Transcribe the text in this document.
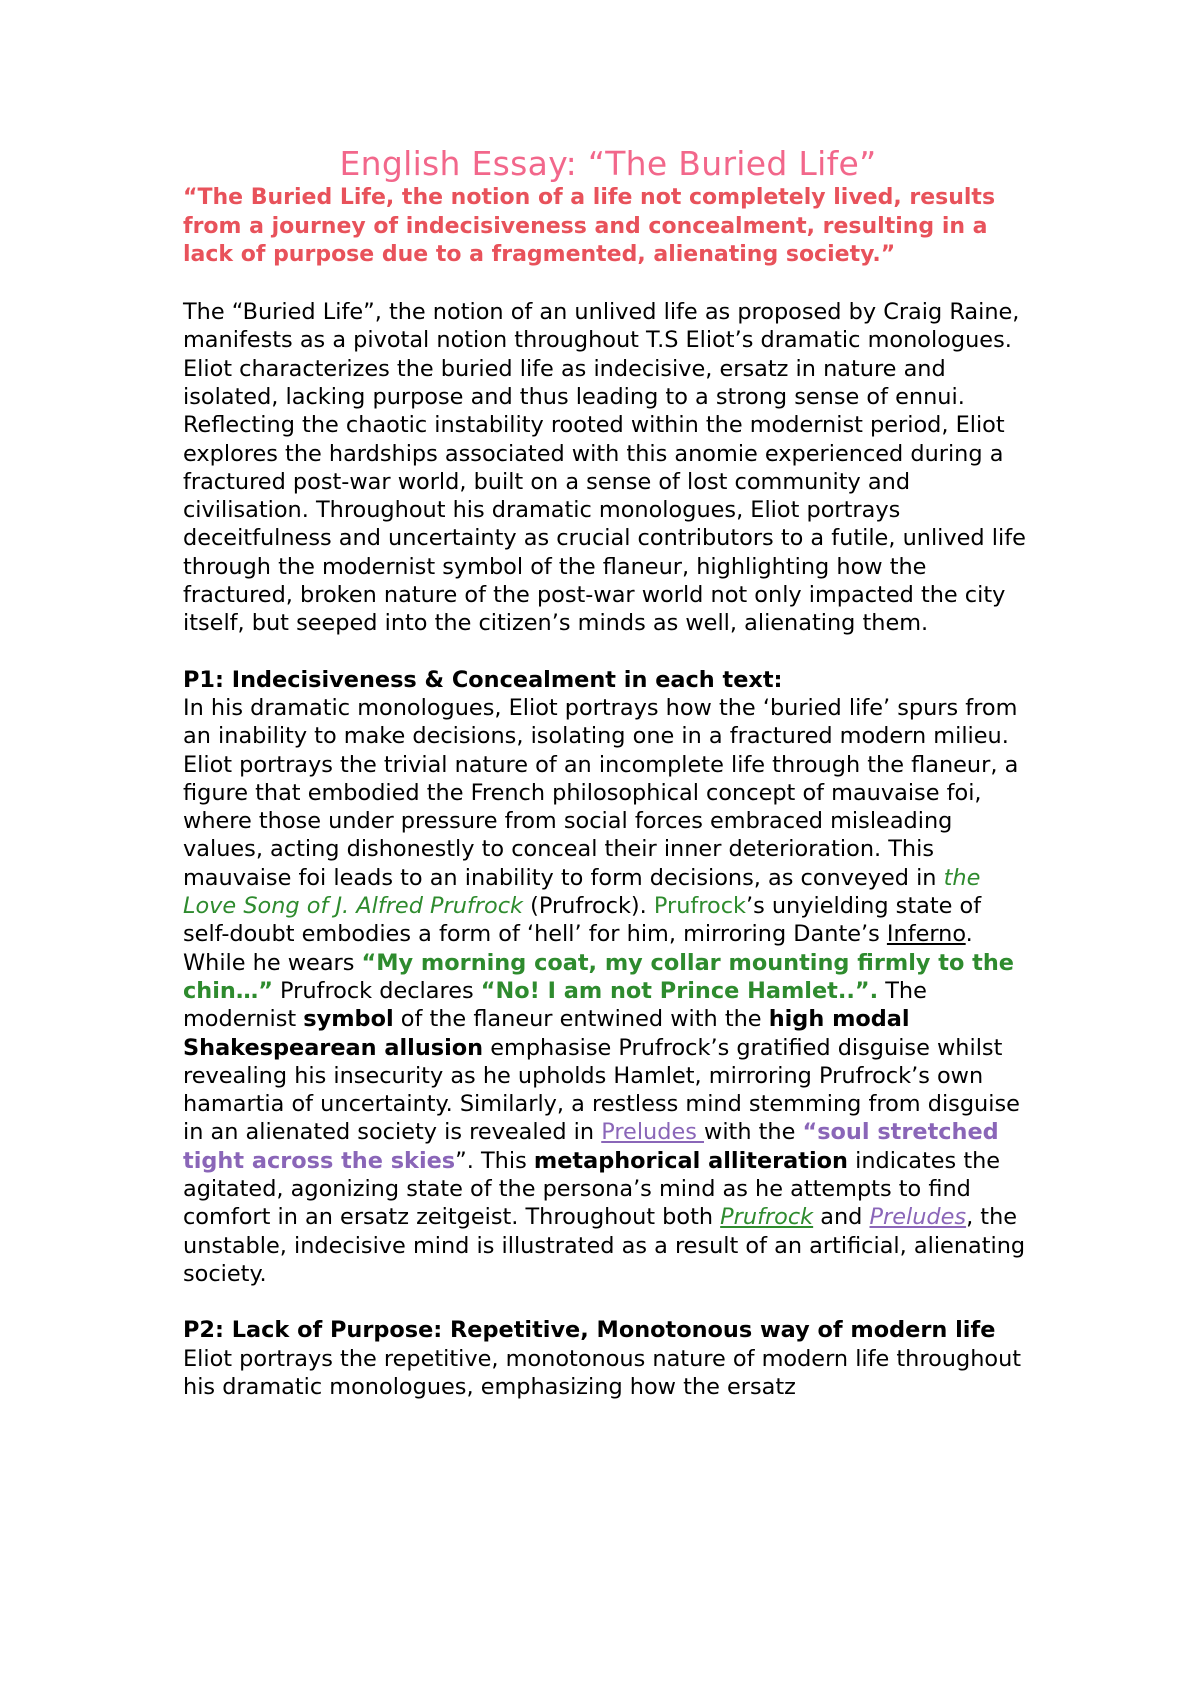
English Essay: “The Buried Life”

“The Buried Life, the notion of a life not completely lived, results from a journey of indecisiveness and concealment, resulting in a lack of purpose due to a fragmented, alienating society.”

The “Buried Life”, the notion of an unlived life as proposed by Craig Raine, manifests as a pivotal notion throughout T.S Eliot’s dramatic monologues. Eliot characterizes the buried life as indecisive, ersatz in nature and isolated, lacking purpose and thus leading to a strong sense of ennui. Reflecting the chaotic instability rooted within the modernist period, Eliot explores the hardships associated with this anomie experienced during a fractured post-war world, built on a sense of lost community and civilisation. Throughout his dramatic monologues, Eliot portrays deceitfulness and uncertainty as crucial contributors to a futile, unlived life through the modernist symbol of the flaneur, highlighting how the fractured, broken nature of the post-war world not only impacted the city itself, but seeped into the citizen’s minds as well, alienating them.

P1: Indecisiveness & Concealment in each text:
In his dramatic monologues, Eliot portrays how the ‘buried life’ spurs from an inability to make decisions, isolating one in a fractured modern milieu. Eliot portrays the trivial nature of an incomplete life through the flaneur, a figure that embodied the French philosophical concept of mauvaise foi, where those under pressure from social forces embraced misleading values, acting dishonestly to conceal their inner deterioration. This mauvaise foi leads to an inability to form decisions, as conveyed in the Love Song of J. Alfred Prufrock (Prufrock). Prufrock’s unyielding state of self-doubt embodies a form of ‘hell’ for him, mirroring Dante’s Inferno. While he wears “My morning coat, my collar mounting firmly to the chin…” Prufrock declares “No! I am not Prince Hamlet..”. The modernist symbol of the flaneur entwined with the high modal Shakespearean allusion emphasise Prufrock’s gratified disguise whilst revealing his insecurity as he upholds Hamlet, mirroring Prufrock’s own hamartia of uncertainty. Similarly, a restless mind stemming from disguise in an alienated society is revealed in Preludes with the “soul stretched tight across the skies”. This metaphorical alliteration indicates the agitated, agonizing state of the persona’s mind as he attempts to find comfort in an ersatz zeitgeist. Throughout both Prufrock and Preludes, the unstable, indecisive mind is illustrated as a result of an artificial, alienating society.

P2: Lack of Purpose: Repetitive, Monotonous way of modern life
Eliot portrays the repetitive, monotonous nature of modern life throughout his dramatic monologues, emphasizing how the ersatz
